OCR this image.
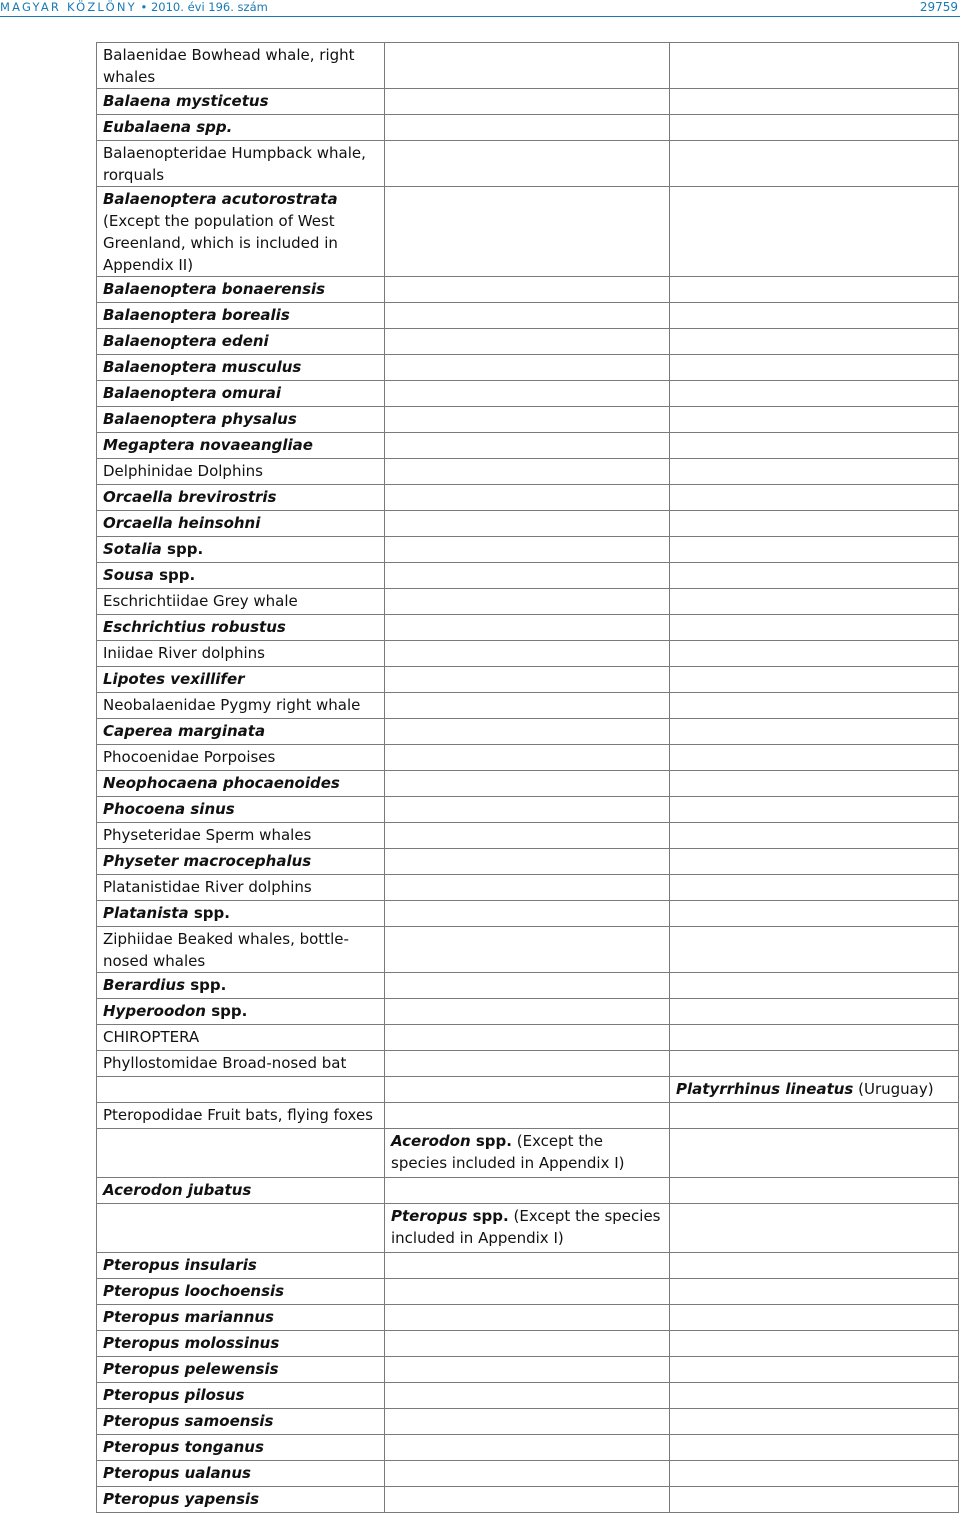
MAGYAR KÖZLÖNY • 2010. évi 196. szám	29759
Balaenidae Bowhead whale, right whales		
Balaena mysticetus		
Eubalaena spp.		
Balaenopteridae Humpback whale, rorquals		
Balaenoptera acutorostrata (Except the population of West Greenland, which is included in Appendix II)		
Balaenoptera bonaerensis		
Balaenoptera borealis		
Balaenoptera edeni		
Balaenoptera musculus		
Balaenoptera omurai		
Balaenoptera physalus		
Megaptera novaeangliae		
Delphinidae Dolphins		
Orcaella brevirostris		
Orcaella heinsohni		
Sotalia spp.		
Sousa spp.		
Eschrichtiidae Grey whale		
Eschrichtius robustus		
Iniidae River dolphins		
Lipotes vexillifer		
Neobalaenidae Pygmy right whale		
Caperea marginata		
Phocoenidae Porpoises		
Neophocaena phocaenoides		
Phocoena sinus		
Physeteridae Sperm whales		
Physeter macrocephalus		
Platanistidae River dolphins		
Platanista spp.		
Ziphiidae Beaked whales, bottle-nosed whales		
Berardius spp.		
Hyperoodon spp.		
CHIROPTERA		
Phyllostomidae Broad-nosed bat		
		Platyrrhinus lineatus (Uruguay)
Pteropodidae Fruit bats, flying foxes		
	Acerodon spp. (Except the species included in Appendix I)	
Acerodon jubatus		
	Pteropus spp. (Except the species included in Appendix I)	
Pteropus insularis		
Pteropus loochoensis		
Pteropus mariannus		
Pteropus molossinus		
Pteropus pelewensis		
Pteropus pilosus		
Pteropus samoensis		
Pteropus tonganus		
Pteropus ualanus		
Pteropus yapensis		
